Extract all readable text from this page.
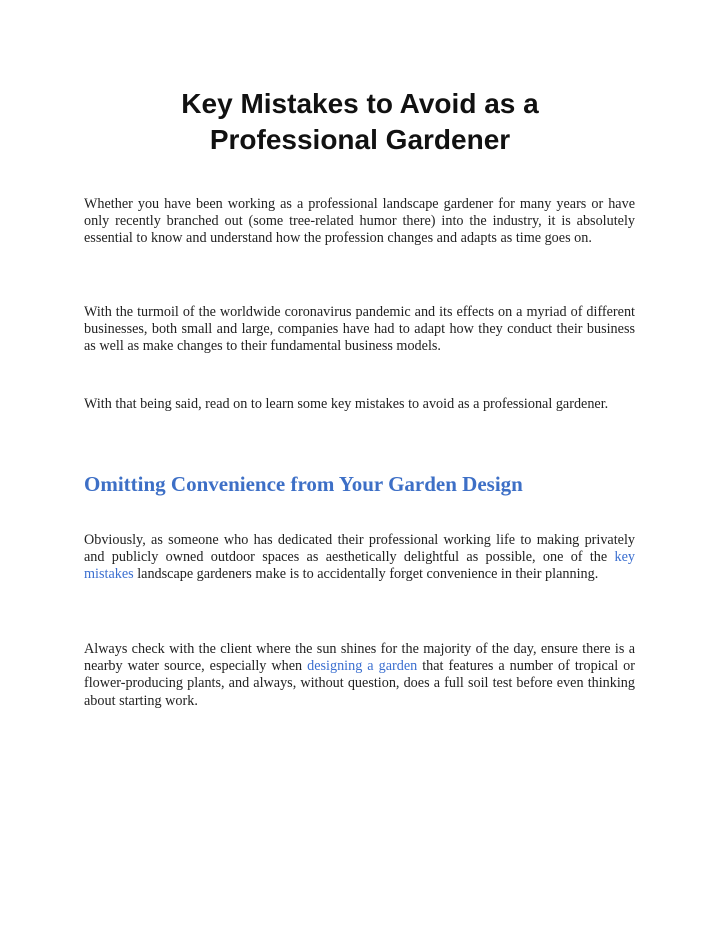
Key Mistakes to Avoid as a
Professional Gardener

Whether you have been working as a professional landscape gardener for many years or have only recently branched out (some tree-related humor there) into the industry, it is absolutely essential to know and understand how the profession changes and adapts as time goes on.

With the turmoil of the worldwide coronavirus pandemic and its effects on a myriad of different businesses, both small and large, companies have had to adapt how they conduct their business as well as make changes to their fundamental business models.

With that being said, read on to learn some key mistakes to avoid as a professional gardener.

Omitting Convenience from Your Garden Design

Obviously, as someone who has dedicated their professional working life to making privately and publicly owned outdoor spaces as aesthetically delightful as possible, one of the key mistakes landscape gardeners make is to accidentally forget convenience in their planning.

Always check with the client where the sun shines for the majority of the day, ensure there is a nearby water source, especially when designing a garden that features a number of tropical or flower-producing plants, and always, without question, does a full soil test before even thinking about starting work.
